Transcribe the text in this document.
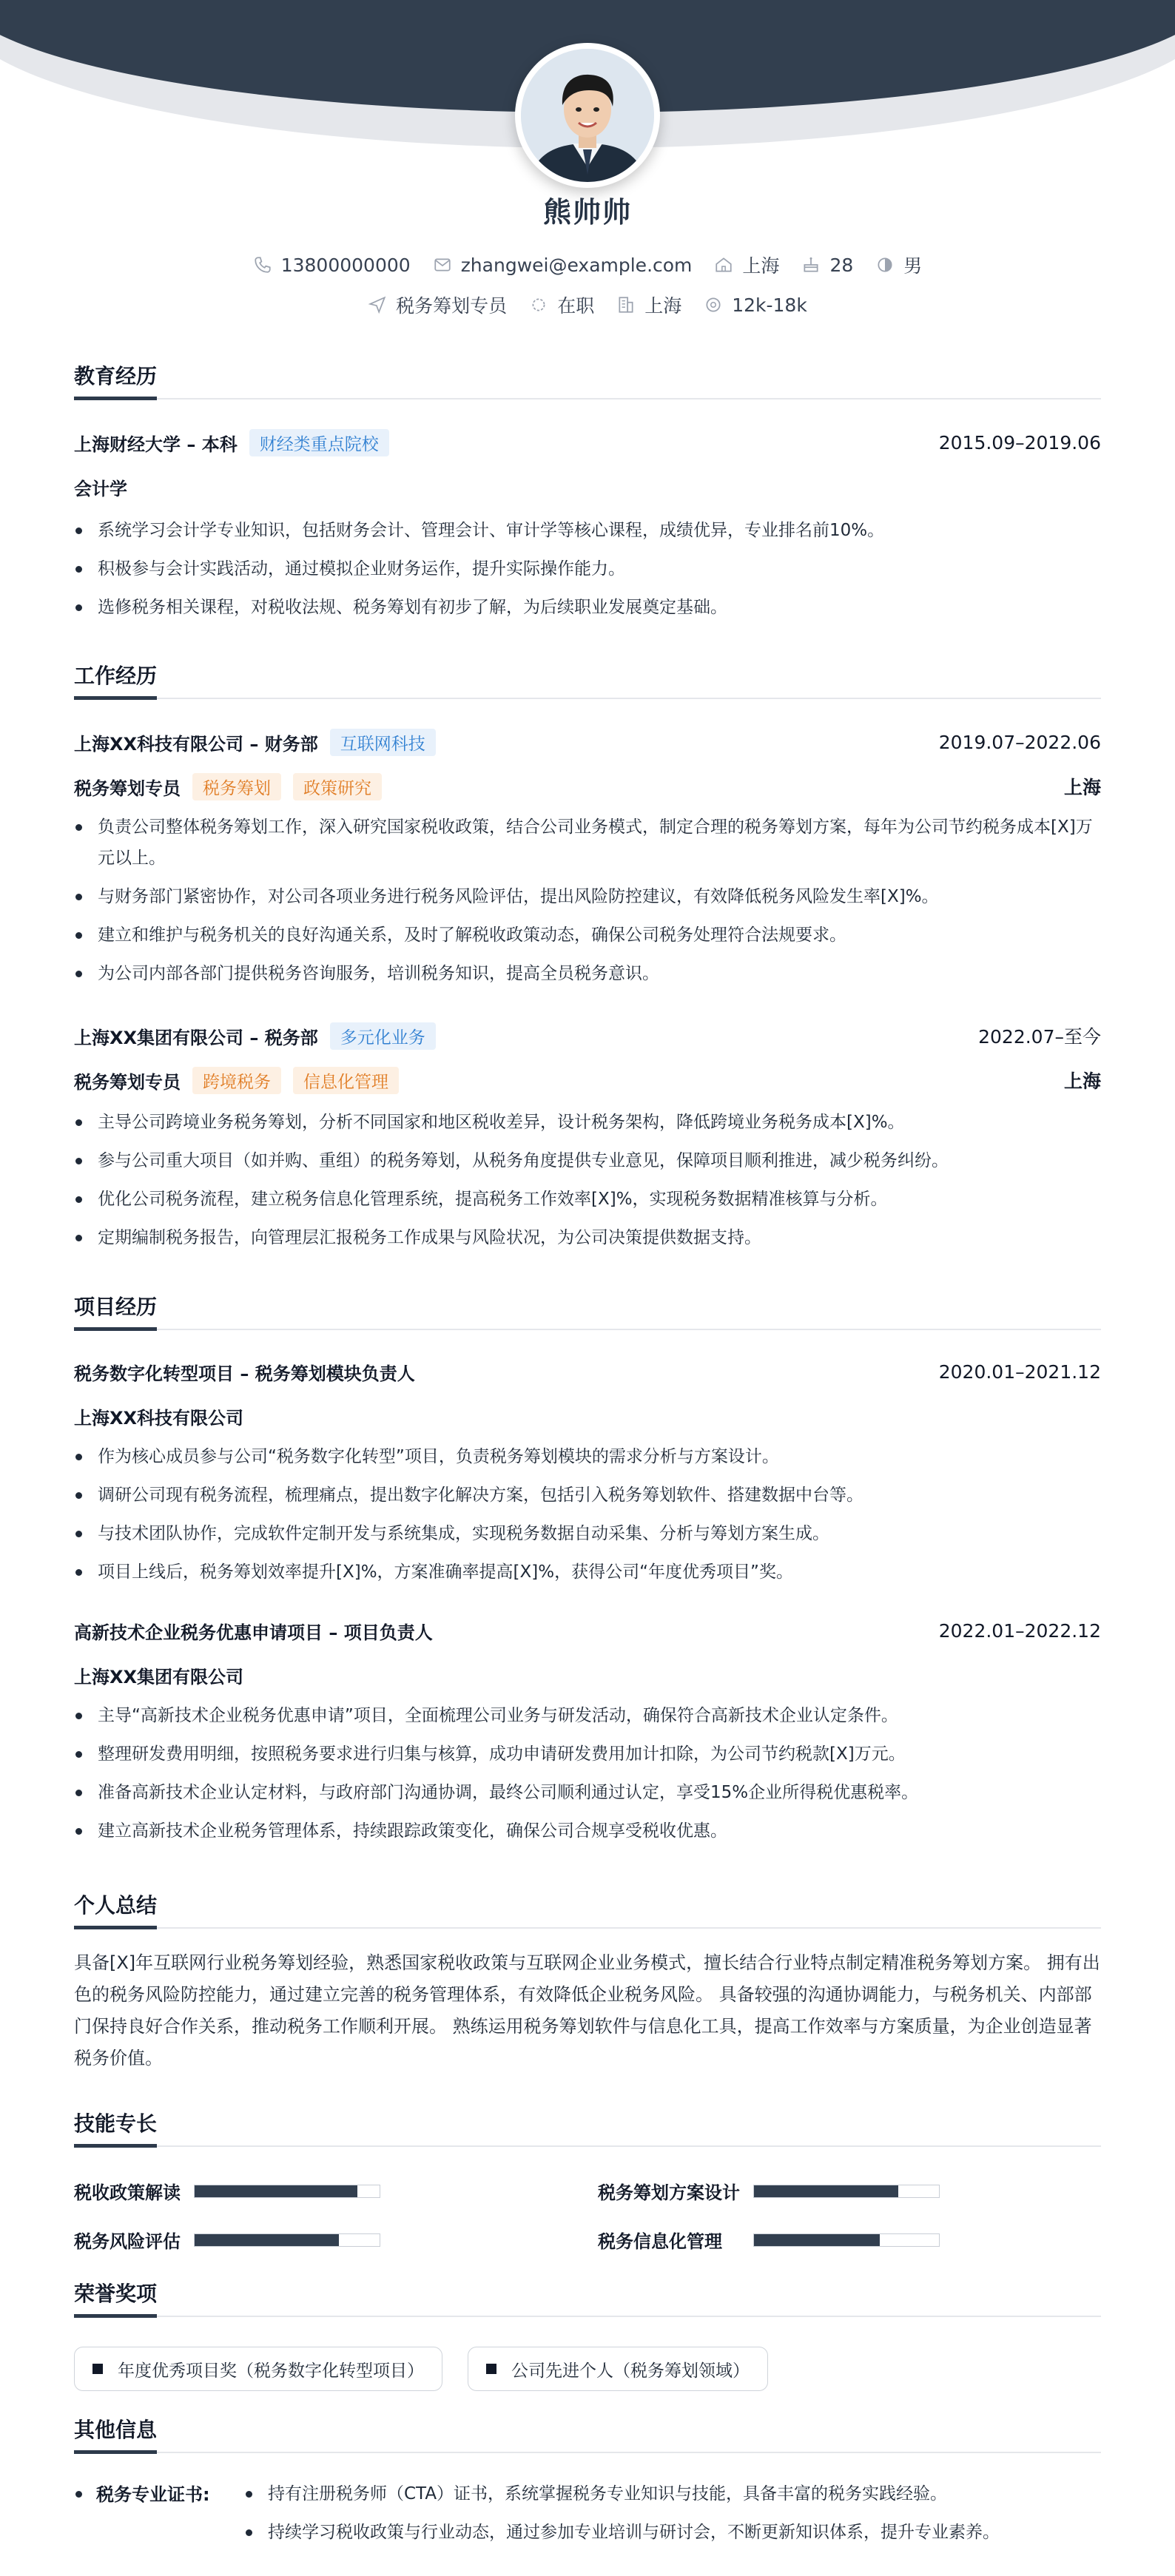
熊帅帅
13800000000	zhangwei@example.com	上海	28	男
税务筹划专员	在职	上海	12k-18k
教育经历
上海财经大学 – 本科	财经类重点院校	2015.09–2019.06
会计学
系统学习会计学专业知识，包括财务会计、管理会计、审计学等核心课程，成绩优异，专业排名前10%。
积极参与会计实践活动，通过模拟企业财务运作，提升实际操作能力。
选修税务相关课程，对税收法规、税务筹划有初步了解，为后续职业发展奠定基础。
工作经历
上海XX科技有限公司 – 财务部	互联网科技	2019.07–2022.06
税务筹划专员	税务筹划	政策研究	上海
负责公司整体税务筹划工作，深入研究国家税收政策，结合公司业务模式，制定合理的税务筹划方案，每年为公司节约税务成本[X]万元以上。
与财务部门紧密协作，对公司各项业务进行税务风险评估，提出风险防控建议，有效降低税务风险发生率[X]%。
建立和维护与税务机关的良好沟通关系，及时了解税收政策动态，确保公司税务处理符合法规要求。
为公司内部各部门提供税务咨询服务，培训税务知识，提高全员税务意识。
上海XX集团有限公司 – 税务部	多元化业务	2022.07–至今
税务筹划专员	跨境税务	信息化管理	上海
主导公司跨境业务税务筹划，分析不同国家和地区税收差异，设计税务架构，降低跨境业务税务成本[X]%。
参与公司重大项目（如并购、重组）的税务筹划，从税务角度提供专业意见，保障项目顺利推进，减少税务纠纷。
优化公司税务流程，建立税务信息化管理系统，提高税务工作效率[X]%，实现税务数据精准核算与分析。
定期编制税务报告，向管理层汇报税务工作成果与风险状况，为公司决策提供数据支持。
项目经历
税务数字化转型项目 – 税务筹划模块负责人	2020.01–2021.12
上海XX科技有限公司
作为核心成员参与公司“税务数字化转型”项目，负责税务筹划模块的需求分析与方案设计。
调研公司现有税务流程，梳理痛点，提出数字化解决方案，包括引入税务筹划软件、搭建数据中台等。
与技术团队协作，完成软件定制开发与系统集成，实现税务数据自动采集、分析与筹划方案生成。
项目上线后，税务筹划效率提升[X]%，方案准确率提高[X]%，获得公司“年度优秀项目”奖。
高新技术企业税务优惠申请项目 – 项目负责人	2022.01–2022.12
上海XX集团有限公司
主导“高新技术企业税务优惠申请”项目，全面梳理公司业务与研发活动，确保符合高新技术企业认定条件。
整理研发费用明细，按照税务要求进行归集与核算，成功申请研发费用加计扣除，为公司节约税款[X]万元。
准备高新技术企业认定材料，与政府部门沟通协调，最终公司顺利通过认定，享受15%企业所得税优惠税率。
建立高新技术企业税务管理体系，持续跟踪政策变化，确保公司合规享受税收优惠。
个人总结

具备[X]年互联网行业税务筹划经验，熟悉国家税收政策与互联网企业业务模式，擅长结合行业特点制定精准税务筹划方案。 拥有出色的税务风险防控能力，通过建立完善的税务管理体系，有效降低企业税务风险。 具备较强的沟通协调能力，与税务机关、内部部门保持良好合作关系，推动税务工作顺利开展。 熟练运用税务筹划软件与信息化工具，提高工作效率与方案质量，为企业创造显著税务价值。

技能专长
税收政策解读	税务筹划方案设计
税务风险评估	税务信息化管理
荣誉奖项
年度优秀项目奖（税务数字化转型项目）	公司先进个人（税务筹划领域）
其他信息
税务专业证书:	持有注册税务师（CTA）证书，系统掌握税务专业知识与技能，具备丰富的税务实践经验。
持续学习税收政策与行业动态，通过参加专业培训与研讨会，不断更新知识体系，提升专业素养。
